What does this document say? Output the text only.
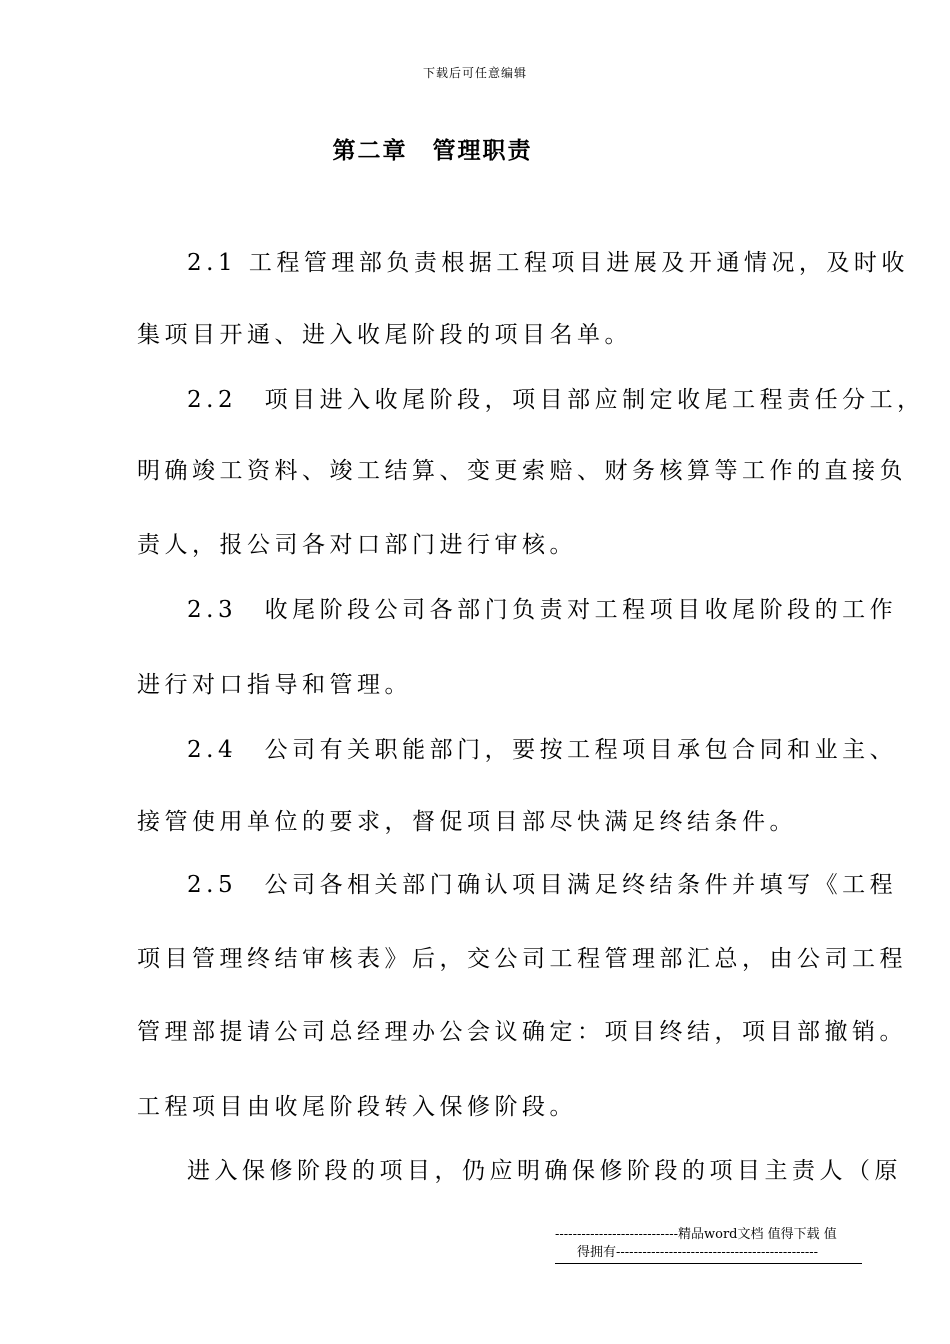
下载后可任意编辑
第二章　管理职责
2.1 工程管理部负责根据工程项目进展及开通情况，及时收
集项目开通、进入收尾阶段的项目名单。
2.2　项目进入收尾阶段，项目部应制定收尾工程责任分工，
明确竣工资料、竣工结算、变更索赔、财务核算等工作的直接负
责人，报公司各对口部门进行审核。
2.3　收尾阶段公司各部门负责对工程项目收尾阶段的工作
进行对口指导和管理。
2.4　公司有关职能部门，要按工程项目承包合同和业主、
接管使用单位的要求，督促项目部尽快满足终结条件。
2.5　公司各相关部门确认项目满足终结条件并填写《工程
项目管理终结审核表》后，交公司工程管理部汇总，由公司工程
管理部提请公司总经理办公会议确定：项目终结，项目部撤销。
工程项目由收尾阶段转入保修阶段。
进入保修阶段的项目，仍应明确保修阶段的项目主责人（原
----------------------------精品word文档 值得下载 值
得拥有----------------------------------------------
